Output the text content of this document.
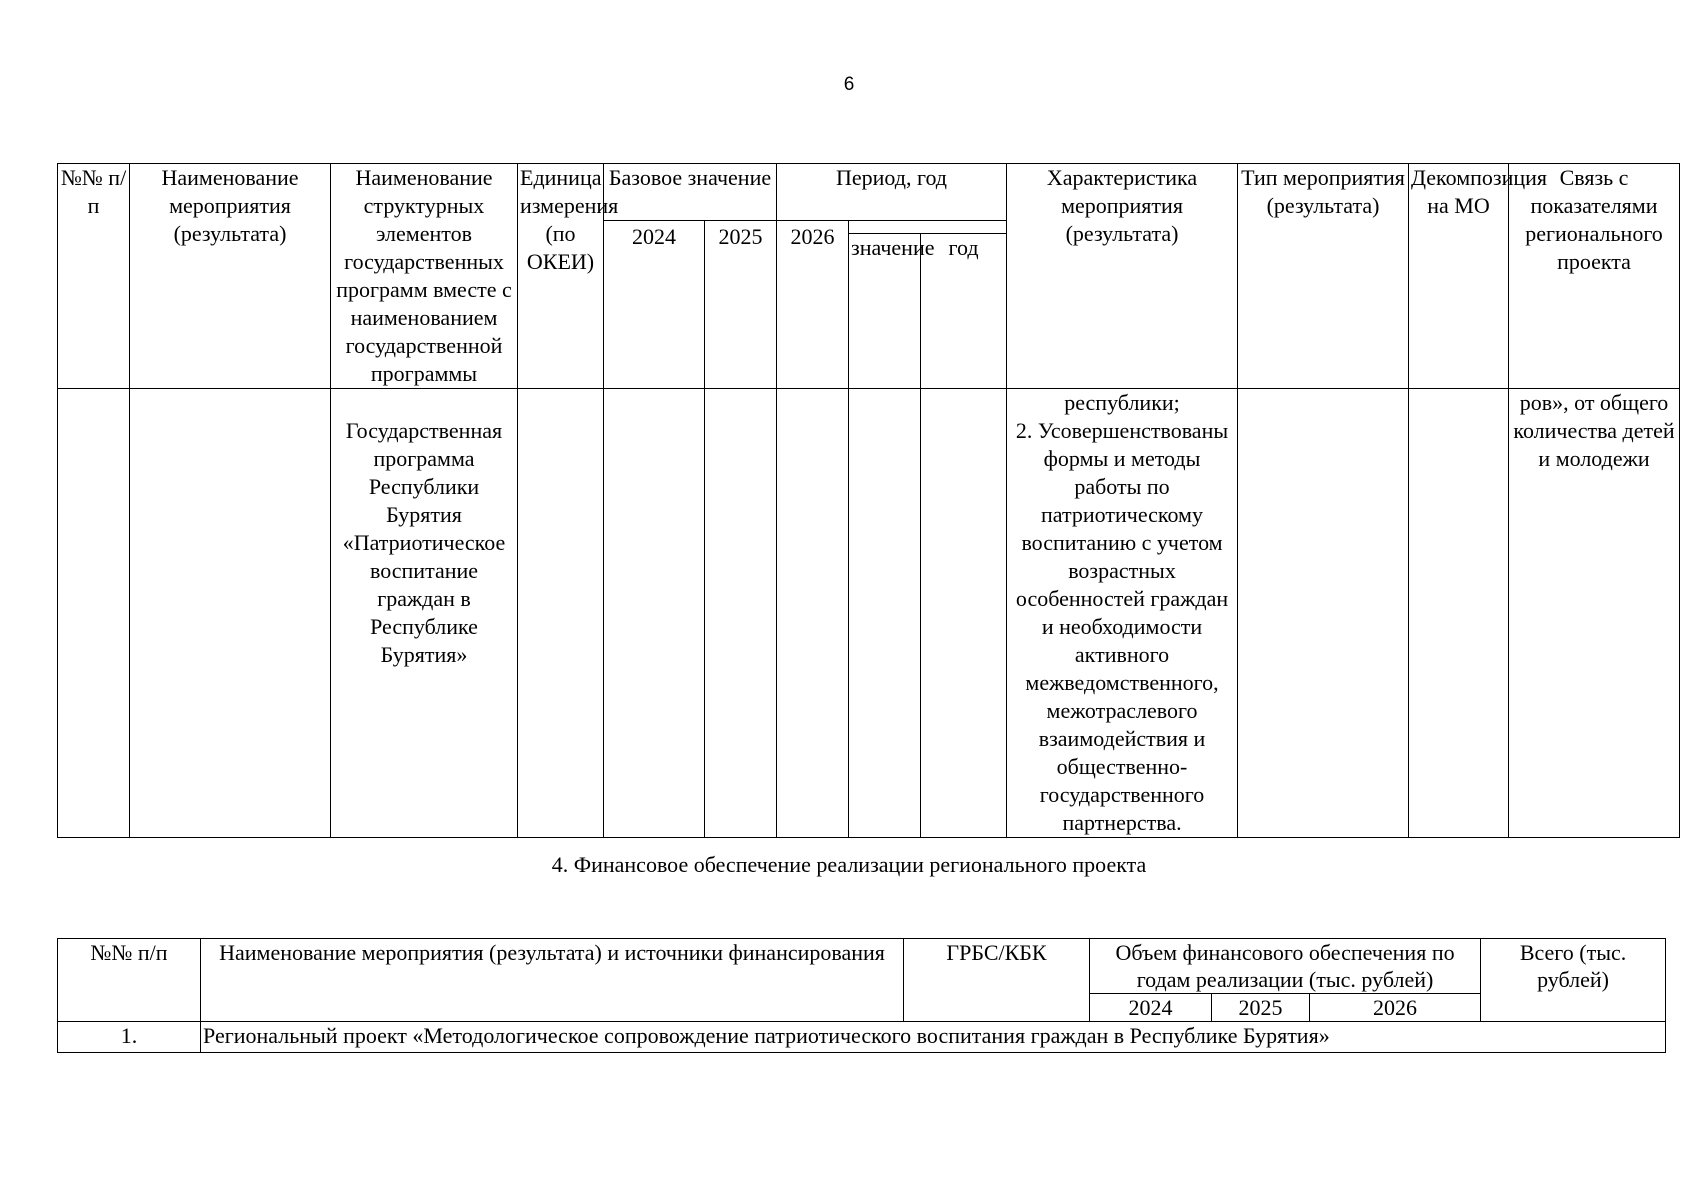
6
№№ п/п	Наименование мероприятия (результата)	Наименование структурных элементов государственных программ вместе с наименованием государственной программы	Единица измерения (по ОКЕИ)	Базовое значение		Период, год			Характеристика мероприятия (результата)	Тип мероприятия (результата)	Декомпозиция на МО	Связь с показателями регионального проекта
				2024	2025	2026						
							значение	год				
		Государственная программа Республики Бурятия «Патриотическое воспитание граждан в Республике Бурятия»							республики;
2. Усовершенствованы формы и методы работы по патриотическому воспитанию с учетом возрастных особенностей граждан и необходимости активного межведомственного, межотраслевого взаимодействия и общественно-государственного партнерства.			ров», от общего количества детей и молодежи
4. Финансовое обеспечение реализации регионального проекта
№№ п/п	Наименование мероприятия (результата) и источники финансирования	ГРБС/КБК	Объем финансового обеспечения по годам реализации (тыс. рублей)			Всего (тыс. рублей)
			2024	2025	2026	
1.	Региональный проект «Методологическое сопровождение патриотического воспитания граждан в Республике Бурятия»					
